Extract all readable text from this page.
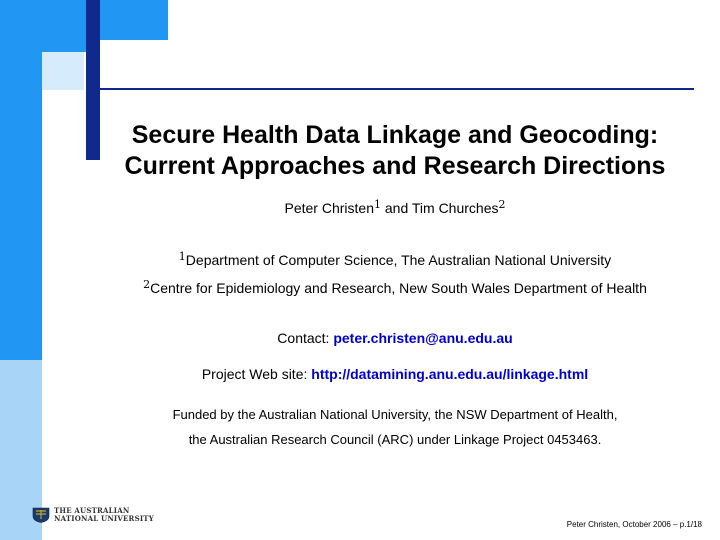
Secure Health Data Linkage and Geocoding:
Current Approaches and Research Directions
Peter Christen$^1$ and Tim Churches$^2$
$^1$Department of Computer Science, The Australian National University
$^2$Centre for Epidemiology and Research, New South Wales Department of Health
Contact: peter.christen@anu.edu.au
Project Web site: http://datamining.anu.edu.au/linkage.html
Funded by the Australian National University, the NSW Department of Health,
the Australian Research Council (ARC) under Linkage Project 0453463.
THE AUSTRALIAN
NATIONAL UNIVERSITY
Peter Christen, October 2006 – p.1/18
